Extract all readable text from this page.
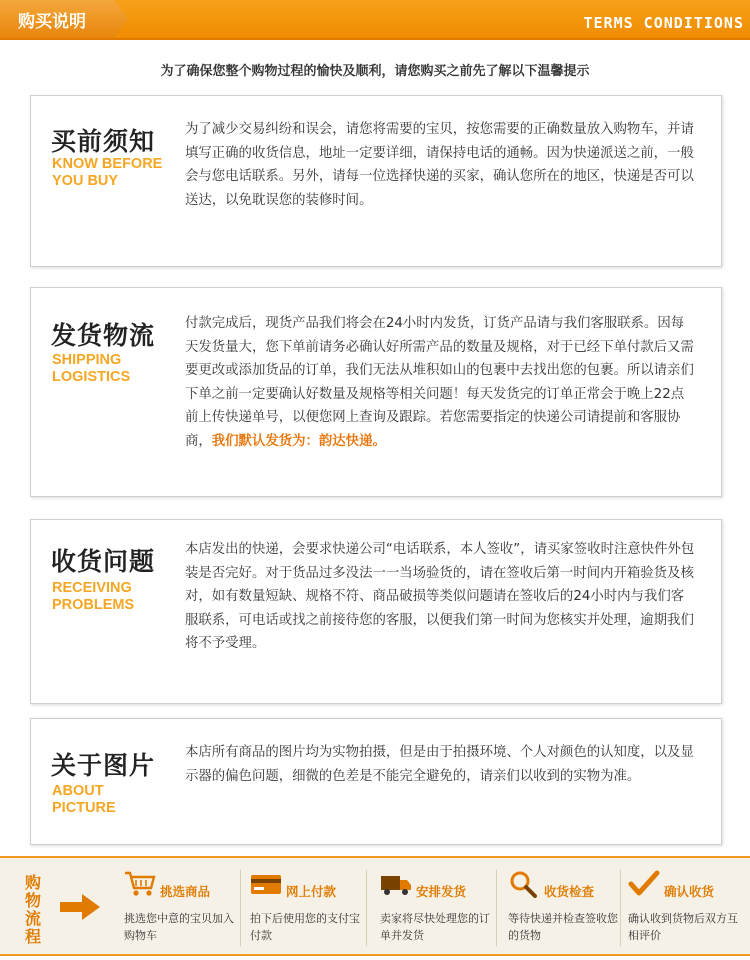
购买说明	TERMS CONDITIONS
为了确保您整个购物过程的愉快及顺利，请您购买之前先了解以下温馨提示
买前须知
KNOW BEFORE
YOU BUY
为了减少交易纠纷和误会，请您将需要的宝贝，按您需要的正确数量放入购物车，并请填写正确的收货信息，地址一定要详细，请保持电话的通畅。因为快递派送之前，一般会与您电话联系。另外，请每一位选择快递的买家，确认您所在的地区，快递是否可以送达，以免耽误您的装修时间。
发货物流
SHIPPING
LOGISTICS
付款完成后，现货产品我们将会在24小时内发货，订货产品请与我们客服联系。因每天发货量大，您下单前请务必确认好所需产品的数量及规格，对于已经下单付款后又需要更改或添加货品的订单，我们无法从堆积如山的包裹中去找出您的包裹。所以请亲们下单之前一定要确认好数量及规格等相关问题！每天发货完的订单正常会于晚上22点前上传快递单号，以便您网上查询及跟踪。若您需要指定的快递公司请提前和客服协商，我们默认发货为：韵达快递。
收货问题
RECEIVING
PROBLEMS
本店发出的快递，会要求快递公司“电话联系，本人签收”，请买家签收时注意快件外包装是否完好。对于货品过多没法一一当场验货的，请在签收后第一时间内开箱验货及核对，如有数量短缺、规格不符、商品破损等类似问题请在签收后的24小时内与我们客服联系，可电话或找之前接待您的客服，以便我们第一时间为您核实并处理，逾期我们将不予受理。
关于图片
ABOUT
PICTURE
本店所有商品的图片均为实物拍摄，但是由于拍摄环境、个人对颜色的认知度，以及显示器的偏色问题，细微的色差是不能完全避免的，请亲们以收到的实物为准。
购物流程
挑选商品
挑选您中意的宝贝加入购物车
网上付款
拍下后使用您的支付宝付款
安排发货
卖家将尽快处理您的订单并发货
收货检查
等待快递并检查签收您的货物
确认收货
确认收到货物后双方互相评价
